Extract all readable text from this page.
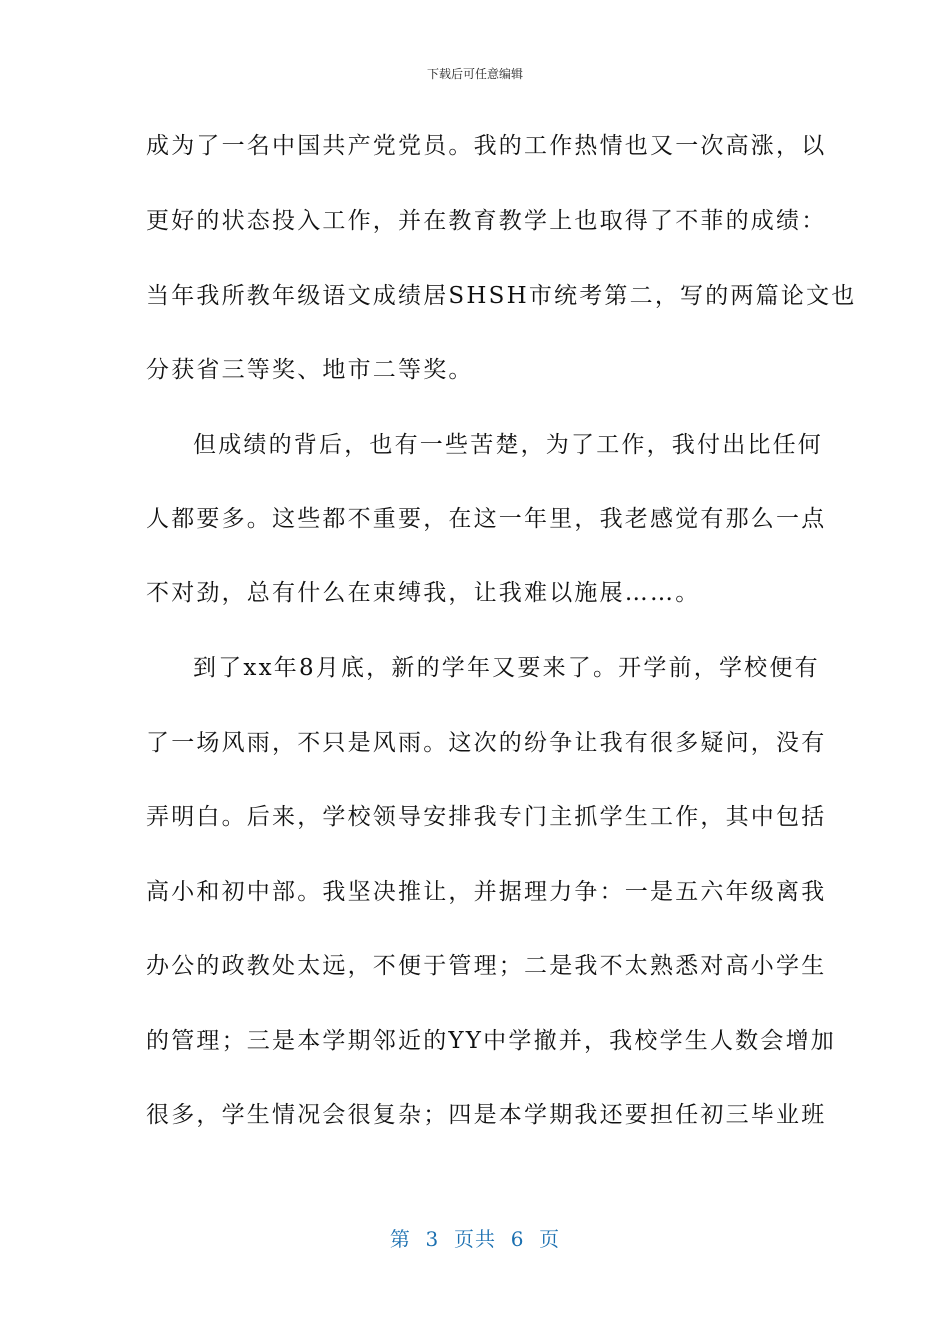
下载后可任意编辑
成为了一名中国共产党党员。我的工作热情也又一次高涨，以
更好的状态投入工作，并在教育教学上也取得了不菲的成绩：
当年我所教年级语文成绩居SHSH市统考第二，写的两篇论文也
分获省三等奖、地市二等奖。
但成绩的背后，也有一些苦楚，为了工作，我付出比任何
人都要多。这些都不重要，在这一年里，我老感觉有那么一点
不对劲，总有什么在束缚我，让我难以施展……。
到了xx年8月底，新的学年又要来了。开学前，学校便有
了一场风雨，不只是风雨。这次的纷争让我有很多疑问，没有
弄明白。后来，学校领导安排我专门主抓学生工作，其中包括
高小和初中部。我坚决推让，并据理力争：一是五六年级离我
办公的政教处太远，不便于管理；二是我不太熟悉对高小学生
的管理；三是本学期邻近的YY中学撤并，我校学生人数会增加
很多，学生情况会很复杂；四是本学期我还要担任初三毕业班
第 3 页共 6 页
